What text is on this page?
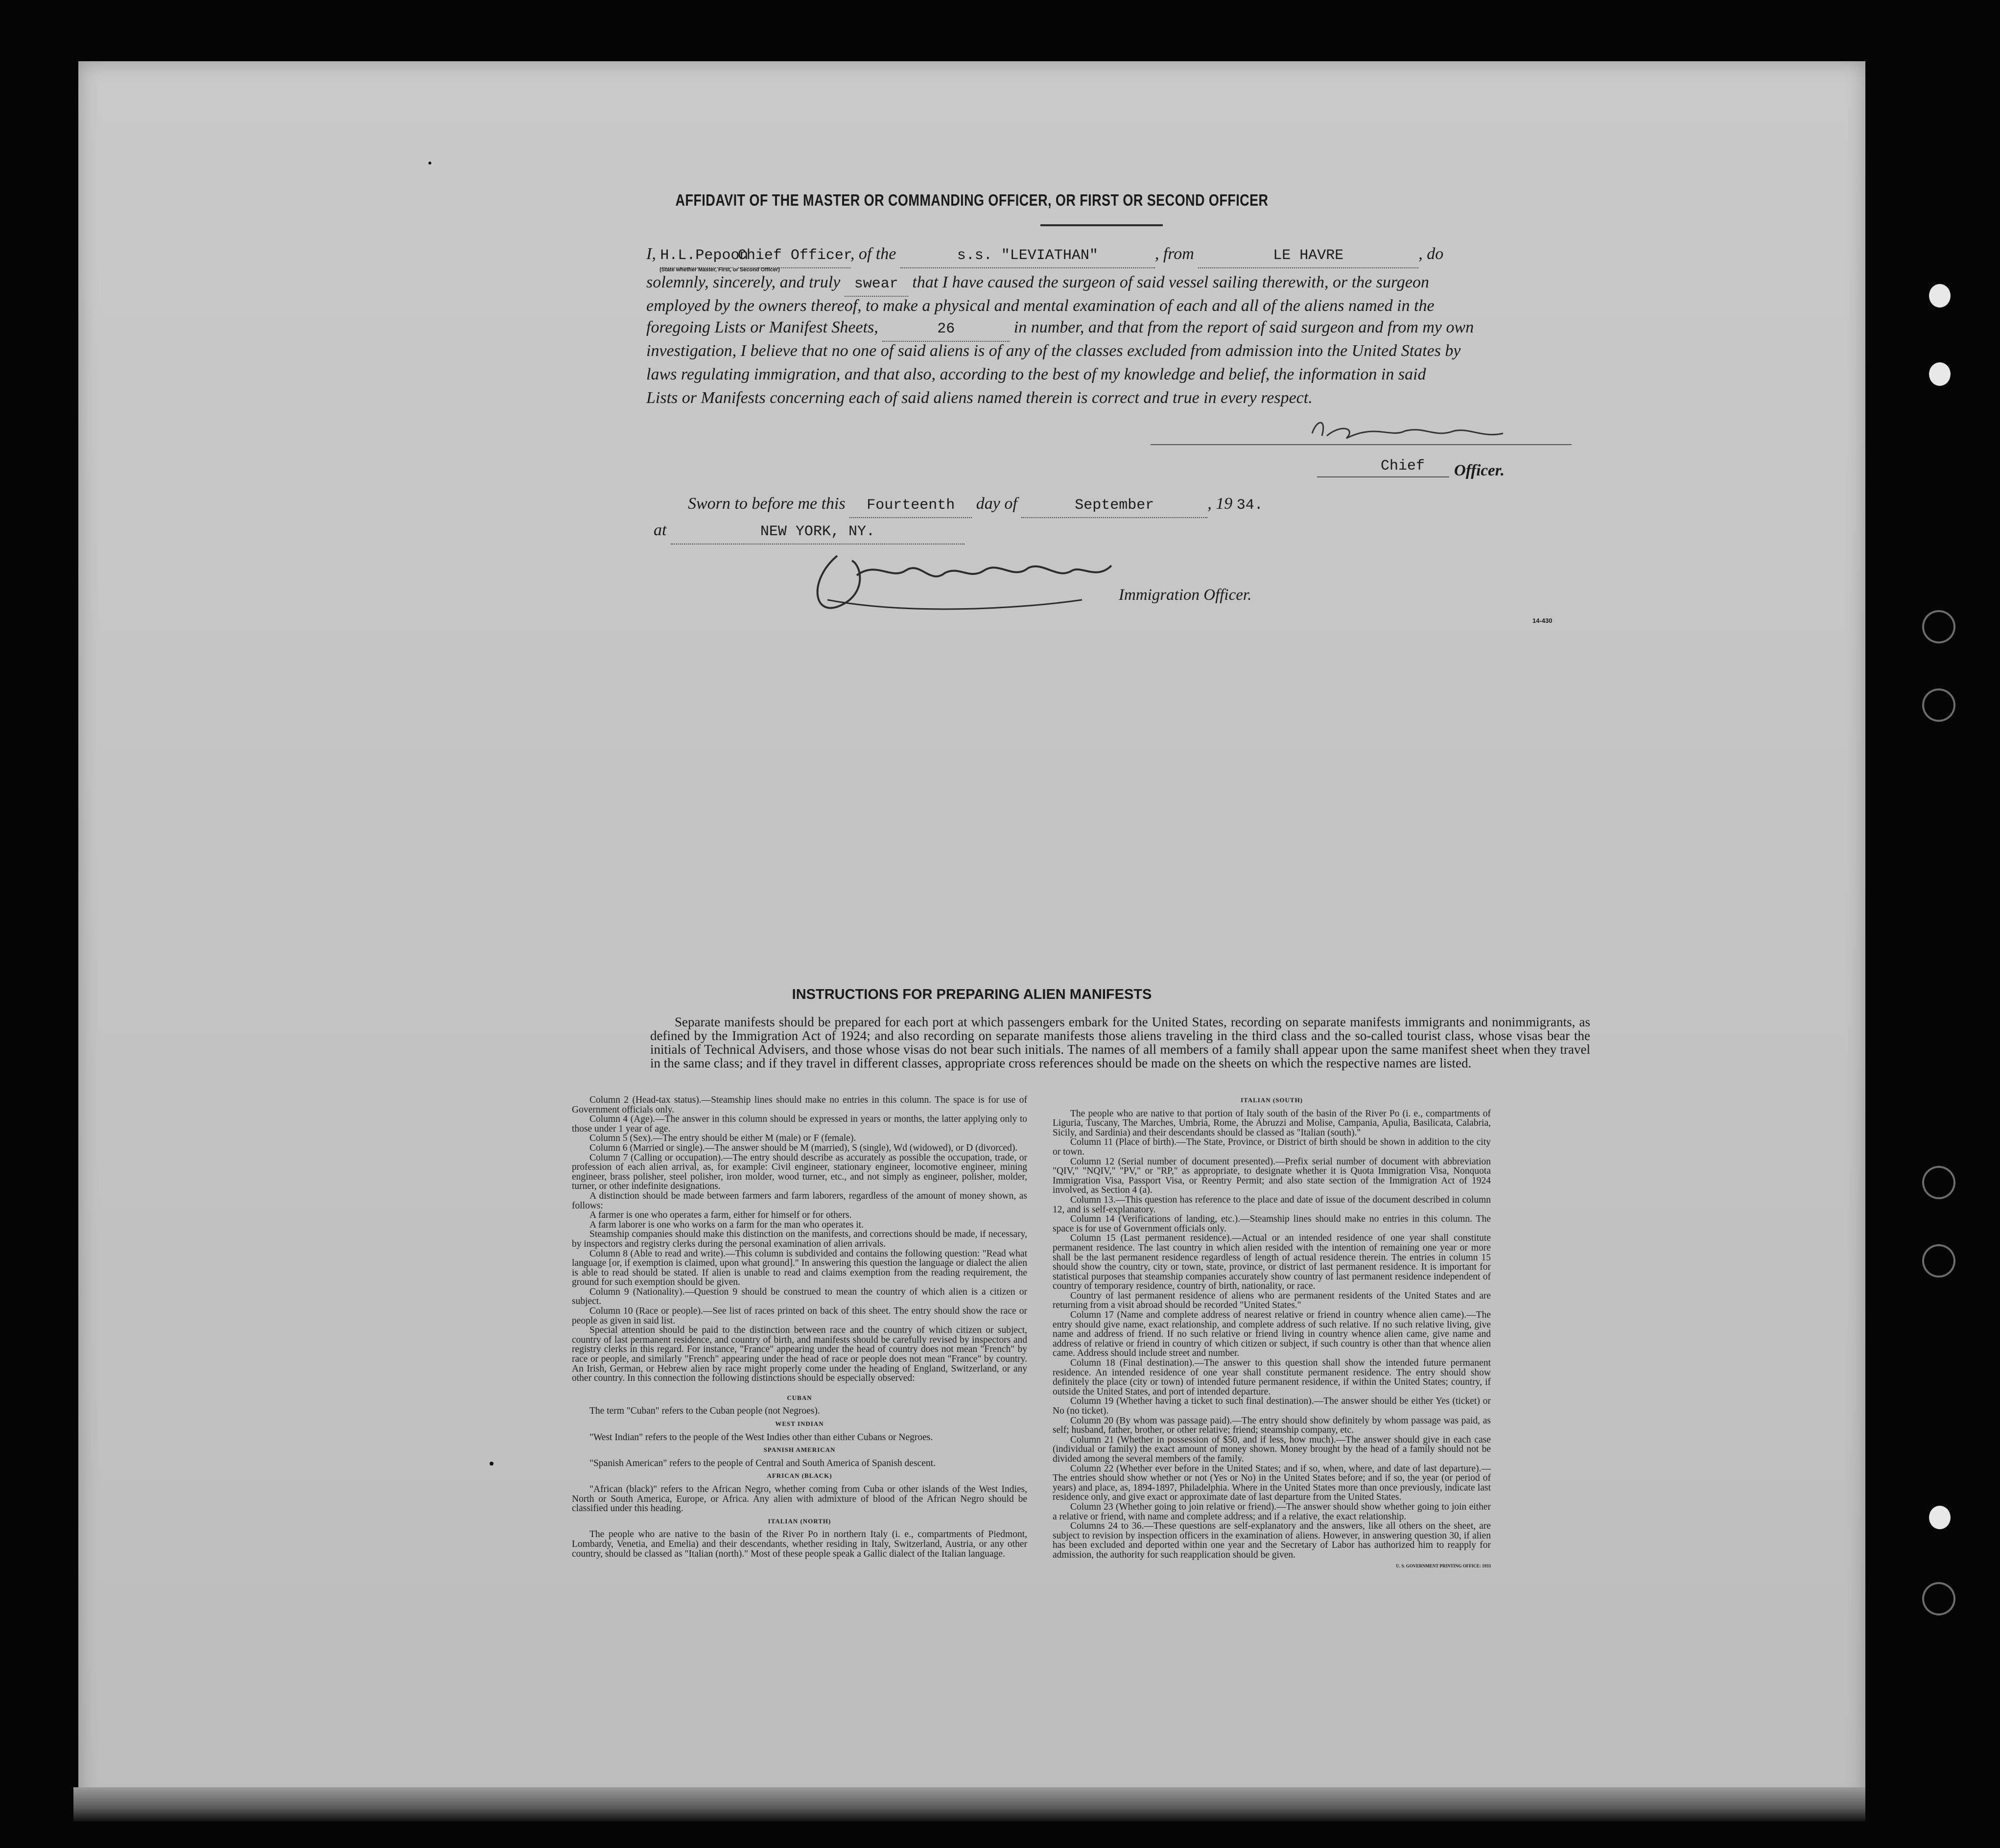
AFFIDAVIT OF THE MASTER OR COMMANDING OFFICER, OR FIRST OR SECOND OFFICER
I, H.L.Pepoon Chief Officer, of the	s.s. "LEVIATHAN"	, from	LE HAVRE	, do
(State whether Master, First, or Second Officer)
solemnly, sincerely, and truly swear that I have caused the surgeon of said vessel sailing therewith, or the surgeon
employed by the owners thereof, to make a physical and mental examination of each and all of the aliens named in the
foregoing Lists or Manifest Sheets,	26	in number, and that from the report of said surgeon and from my own
investigation, I believe that no one of said aliens is of any of the classes excluded from admission into the United States by
laws regulating immigration, and that also, according to the best of my knowledge and belief, the information in said
Lists or Manifests concerning each of said aliens named therein is correct and true in every respect.
Chief Officer.
Sworn to before me this Fourteenth day of	September	, 19 34.
at	NEW YORK, NY.
Immigration Officer.
14-430
INSTRUCTIONS FOR PREPARING ALIEN MANIFESTS
Separate manifests should be prepared for each port at which passengers embark for the United States, recording on separate manifests immigrants and nonimmigrants, as defined by the Immigration Act of 1924; and also recording on separate manifests those aliens traveling in the third class and the so-called tourist class, whose visas bear the initials of Technical Advisers, and those whose visas do not bear such initials. The names of all members of a family shall appear upon the same manifest sheet when they travel in the same class; and if they travel in different classes, appropriate cross references should be made on the sheets on which the respective names are listed.

Column 2 (Head-tax status).—Steamship lines should make no entries in this column. The space is for use of Government officials only.

Column 4 (Age).—The answer in this column should be expressed in years or months, the latter applying only to those under 1 year of age.

Column 5 (Sex).—The entry should be either M (male) or F (female).

Column 6 (Married or single).—The answer should be M (married), S (single), Wd (widowed), or D (divorced).

Column 7 (Calling or occupation).—The entry should describe as accurately as possible the occupation, trade, or profession of each alien arrival, as, for example: Civil engineer, stationary engineer, locomotive engineer, mining engineer, brass polisher, steel polisher, iron molder, wood turner, etc., and not simply as engineer, polisher, molder, turner, or other indefinite designations.

A distinction should be made between farmers and farm laborers, regardless of the amount of money shown, as follows:

A farmer is one who operates a farm, either for himself or for others.

A farm laborer is one who works on a farm for the man who operates it.

Steamship companies should make this distinction on the manifests, and corrections should be made, if necessary, by inspectors and registry clerks during the personal examination of alien arrivals.

Column 8 (Able to read and write).—This column is subdivided and contains the following question: "Read what language [or, if exemption is claimed, upon what ground]." In answering this question the language or dialect the alien is able to read should be stated. If alien is unable to read and claims exemption from the reading requirement, the ground for such exemption should be given.

Column 9 (Nationality).—Question 9 should be construed to mean the country of which alien is a citizen or subject.

Column 10 (Race or people).—See list of races printed on back of this sheet. The entry should show the race or people as given in said list.

Special attention should be paid to the distinction between race and the country of which citizen or subject, country of last permanent residence, and country of birth, and manifests should be carefully revised by inspectors and registry clerks in this regard. For instance, "France" appearing under the head of country does not mean "French" by race or people, and similarly "French" appearing under the head of race or people does not mean "France" by country. An Irish, German, or Hebrew alien by race might properly come under the heading of England, Switzerland, or any other country. In this connection the following distinctions should be especially observed:

CUBAN

The term "Cuban" refers to the Cuban people (not Negroes).

WEST INDIAN

"West Indian" refers to the people of the West Indies other than either Cubans or Negroes.

SPANISH AMERICAN

"Spanish American" refers to the people of Central and South America of Spanish descent.

AFRICAN (BLACK)

"African (black)" refers to the African Negro, whether coming from Cuba or other islands of the West Indies, North or South America, Europe, or Africa. Any alien with admixture of blood of the African Negro should be classified under this heading.

ITALIAN (NORTH)

The people who are native to the basin of the River Po in northern Italy (i. e., compartments of Piedmont, Lombardy, Venetia, and Emelia) and their descendants, whether residing in Italy, Switzerland, Austria, or any other country, should be classed as "Italian (north)." Most of these people speak a Gallic dialect of the Italian language.

ITALIAN (SOUTH)

The people who are native to that portion of Italy south of the basin of the River Po (i. e., compartments of Liguria, Tuscany, The Marches, Umbria, Rome, the Abruzzi and Molise, Campania, Apulia, Basilicata, Calabria, Sicily, and Sardinia) and their descendants should be classed as "Italian (south)."

Column 11 (Place of birth).—The State, Province, or District of birth should be shown in addition to the city or town.

Column 12 (Serial number of document presented).—Prefix serial number of document with abbreviation "QIV," "NQIV," "PV," or "RP," as appropriate, to designate whether it is Quota Immigration Visa, Nonquota Immigration Visa, Passport Visa, or Reentry Permit; and also state section of the Immigration Act of 1924 involved, as Section 4 (a).

Column 13.—This question has reference to the place and date of issue of the document described in column 12, and is self-explanatory.

Column 14 (Verifications of landing, etc.).—Steamship lines should make no entries in this column. The space is for use of Government officials only.

Column 15 (Last permanent residence).—Actual or an intended residence of one year shall constitute permanent residence. The last country in which alien resided with the intention of remaining one year or more shall be the last permanent residence regardless of length of actual residence therein. The entries in column 15 should show the country, city or town, state, province, or district of last permanent residence. It is important for statistical purposes that steamship companies accurately show country of last permanent residence independent of country of temporary residence, country of birth, nationality, or race.

Country of last permanent residence of aliens who are permanent residents of the United States and are returning from a visit abroad should be recorded "United States."

Column 17 (Name and complete address of nearest relative or friend in country whence alien came).—The entry should give name, exact relationship, and complete address of such relative. If no such relative living, give name and address of friend. If no such relative or friend living in country whence alien came, give name and address of relative or friend in country of which citizen or subject, if such country is other than that whence alien came. Address should include street and number.

Column 18 (Final destination).—The answer to this question shall show the intended future permanent residence. An intended residence of one year shall constitute permanent residence. The entry should show definitely the place (city or town) of intended future permanent residence, if within the United States; country, if outside the United States, and port of intended departure.

Column 19 (Whether having a ticket to such final destination).—The answer should be either Yes (ticket) or No (no ticket).

Column 20 (By whom was passage paid).—The entry should show definitely by whom passage was paid, as self; husband, father, brother, or other relative; friend; steamship company, etc.

Column 21 (Whether in possession of $50, and if less, how much).—The answer should give in each case (individual or family) the exact amount of money shown. Money brought by the head of a family should not be divided among the several members of the family.

Column 22 (Whether ever before in the United States; and if so, when, where, and date of last departure).—The entries should show whether or not (Yes or No) in the United States before; and if so, the year (or period of years) and place, as, 1894-1897, Philadelphia. Where in the United States more than once previously, indicate last residence only, and give exact or approximate date of last departure from the United States.

Column 23 (Whether going to join relative or friend).—The answer should show whether going to join either a relative or friend, with name and complete address; and if a relative, the exact relationship.

Columns 24 to 36.—These questions are self-explanatory and the answers, like all others on the sheet, are subject to revision by inspection officers in the examination of aliens. However, in answering question 30, if alien has been excluded and deported within one year and the Secretary of Labor has authorized him to reapply for admission, the authority for such reapplication should be given.

U. S. GOVERNMENT PRINTING OFFICE: 1933
